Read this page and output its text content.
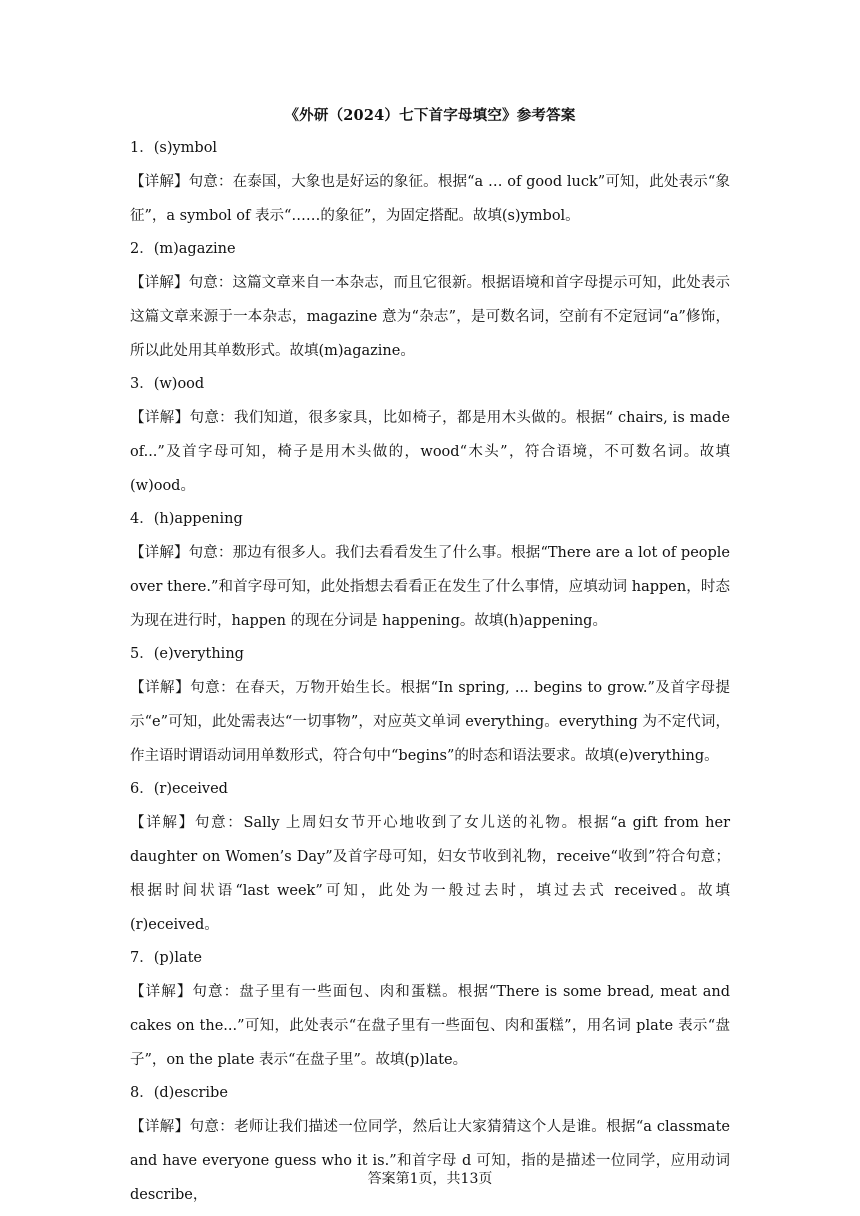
《外研（2024）七下首字母填空》参考答案
1．(s)ymbol
【详解】句意：在泰国，大象也是好运的象征。根据“a … of good luck”可知，此处表示“象征”，a symbol of 表示“……的象征”，为固定搭配。故填(s)ymbol。
2．(m)agazine
【详解】句意：这篇文章来自一本杂志，而且它很新。根据语境和首字母提示可知，此处表示这篇文章来源于一本杂志，magazine 意为“杂志”，是可数名词，空前有不定冠词“a”修饰，所以此处用其单数形式。故填(m)agazine。
3．(w)ood
【详解】句意：我们知道，很多家具，比如椅子，都是用木头做的。根据“ chairs, is made of...”及首字母可知，椅子是用木头做的，wood“木头”，符合语境，不可数名词。故填(w)ood。
4．(h)appening
【详解】句意：那边有很多人。我们去看看发生了什么事。根据“There are a lot of people over there.”和首字母可知，此处指想去看看正在发生了什么事情，应填动词 happen，时态为现在进行时，happen 的现在分词是 happening。故填(h)appening。
5．(e)verything
【详解】句意：在春天，万物开始生长。根据“In spring, ... begins to grow.”及首字母提示“e”可知，此处需表达“一切事物”，对应英文单词 everything。everything 为不定代词，作主语时谓语动词用单数形式，符合句中“begins”的时态和语法要求。故填(e)verything。
6．(r)eceived
【详解】句意：Sally 上周妇女节开心地收到了女儿送的礼物。根据“a gift from her daughter on Women’s Day”及首字母可知，妇女节收到礼物，receive“收到”符合句意；根据时间状语“last week”可知，此处为一般过去时，填过去式 received。故填(r)eceived。
7．(p)late
【详解】句意：盘子里有一些面包、肉和蛋糕。根据“There is some bread, meat and cakes on the...”可知，此处表示“在盘子里有一些面包、肉和蛋糕”，用名词 plate 表示“盘子”，on the plate 表示“在盘子里”。故填(p)late。
8．(d)escribe
【详解】句意：老师让我们描述一位同学，然后让大家猜猜这个人是谁。根据“a classmate and have everyone guess who it is.”和首字母 d 可知，指的是描述一位同学，应用动词 describe，
答案第1页，共13页
